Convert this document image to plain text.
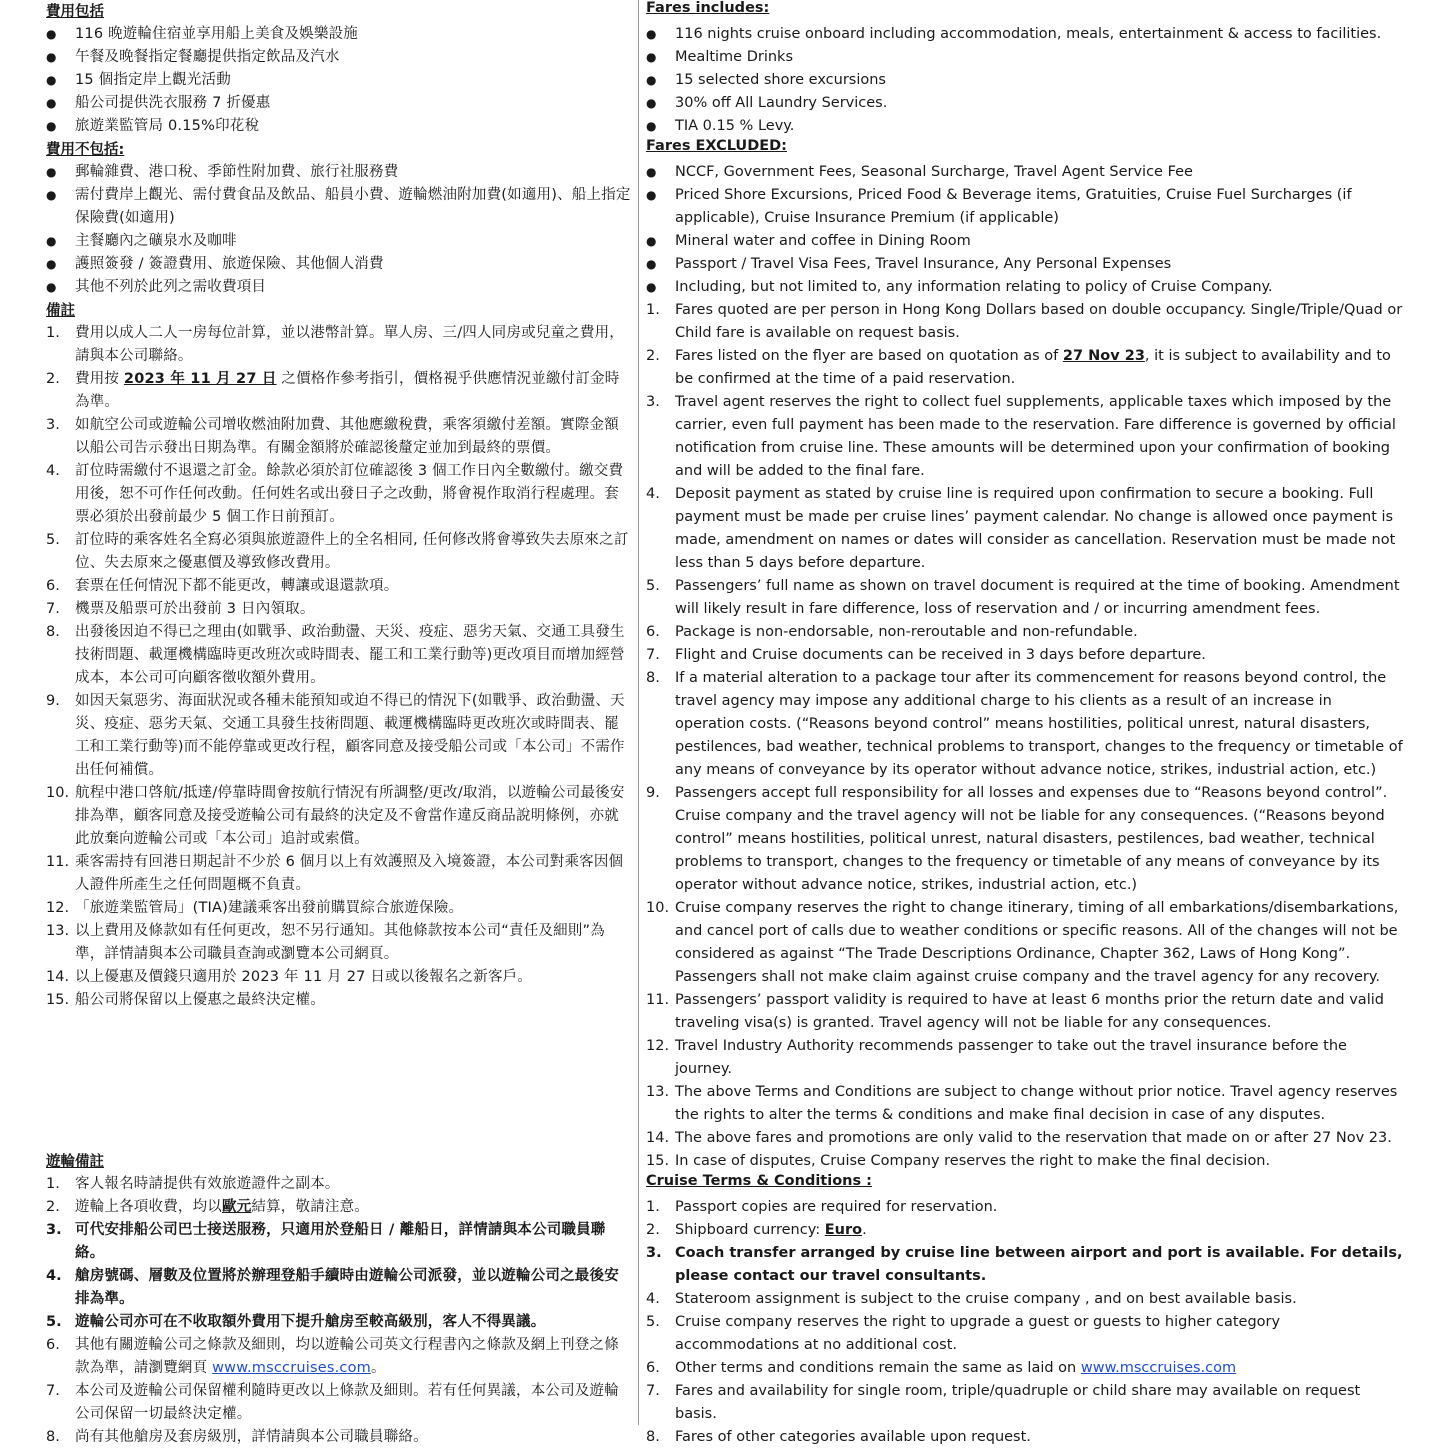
費用包括
●	116 晚遊輪住宿並享用船上美食及娛樂設施
●	午餐及晚餐指定餐廳提供指定飲品及汽水
●	15 個指定岸上觀光活動
●	船公司提供洗衣服務 7 折優惠
●	旅遊業監管局 0.15%印花稅
費用不包括:
●	郵輪雜費、港口稅、季節性附加費、旅行社服務費
●	需付費岸上觀光、需付費食品及飲品、船員小費、遊輪燃油附加費(如適用)、船上指定保險費(如適用)
●	主餐廳內之礦泉水及咖啡
●	護照簽發 / 簽證費用、旅遊保險、其他個人消費
●	其他不列於此列之需收費項目
備註
1.	費用以成人二人一房每位計算，並以港幣計算。單人房、三/四人同房或兒童之費用，請與本公司聯絡。
2.	費用按 2023 年 11 月 27 日 之價格作參考指引，價格視乎供應情況並繳付訂金時為準。
3.	如航空公司或遊輪公司增收燃油附加費、其他應繳稅費，乘客須繳付差額。實際金額以船公司告示發出日期為準。有關金額將於確認後釐定並加到最終的票價。
4.	訂位時需繳付不退還之訂金。餘款必須於訂位確認後 3 個工作日內全數繳付。繳交費用後，恕不可作任何改動。任何姓名或出發日子之改動，將會視作取消行程處理。套票必須於出發前最少 5 個工作日前預訂。
5.	訂位時的乘客姓名全寫必須與旅遊證件上的全名相同, 任何修改將會導致失去原來之訂位、失去原來之優惠價及導致修改費用。
6.	套票在任何情況下都不能更改，轉讓或退還款項。
7.	機票及船票可於出發前 3 日內領取。
8.	出發後因迫不得已之理由(如戰爭、政治動盪、天災、疫症、惡劣天氣、交通工具發生技術問題、載運機構臨時更改班次或時間表、罷工和工業行動等)更改項目而增加經營成本，本公司可向顧客徵收額外費用。
9.	如因天氣惡劣、海面狀況或各種未能預知或迫不得已的情況下(如戰爭、政治動盪、天災、疫症、惡劣天氣、交通工具發生技術問題、載運機構臨時更改班次或時間表、罷工和工業行動等)而不能停靠或更改行程，顧客同意及接受船公司或「本公司」不需作出任何補償。
10. 航程中港口啓航/抵達/停靠時間會按航行情況有所調整/更改/取消，以遊輪公司最後安排為準，顧客同意及接受遊輪公司有最終的決定及不會當作違反商品說明條例，亦就此放棄向遊輪公司或「本公司」追討或索償。
11. 乘客需持有回港日期起計不少於 6 個月以上有效護照及入境簽證，本公司對乘客因個人證件所產生之任何問題概不負責。
12. 「旅遊業監管局」(TIA)建議乘客出發前購買綜合旅遊保險。
13. 以上費用及條款如有任何更改，恕不另行通知。其他條款按本公司“責任及細則”為準，詳情請與本公司職員查詢或瀏覽本公司網頁。
14. 以上優惠及價錢只適用於 2023 年 11 月 27 日或以後報名之新客戶。
15. 船公司將保留以上優惠之最終決定權。
遊輪備註
1.	客人報名時請提供有效旅遊證件之副本。
2.	遊輪上各項收費，均以歐元結算，敬請注意。
3. 可代安排船公司巴士接送服務，只適用於登船日 / 離船日，詳情請與本公司職員聯絡。
4. 艙房號碼、層數及位置將於辦理登船手續時由遊輪公司派發，並以遊輪公司之最後安排為準。
5. 遊輪公司亦可在不收取額外費用下提升艙房至較高級別，客人不得異議。
6.	其他有關遊輪公司之條款及細則，均以遊輪公司英文行程書內之條款及網上刊登之條款為準，請瀏覽網頁 www.msccruises.com。
7.	本公司及遊輪公司保留權利隨時更改以上條款及細則。若有任何異議，本公司及遊輪公司保留一切最終決定權。
8.	尚有其他艙房及套房級別，詳情請與本公司職員聯絡。
Fares includes:
●	116 nights cruise onboard including accommodation, meals, entertainment & access to facilities.
●	Mealtime Drinks
●	15 selected shore excursions
●	30% off All Laundry Services.
●	TIA 0.15 % Levy.
Fares EXCLUDED:
●	NCCF, Government Fees, Seasonal Surcharge, Travel Agent Service Fee
●	Priced Shore Excursions, Priced Food & Beverage items, Gratuities, Cruise Fuel Surcharges (if applicable), Cruise Insurance Premium (if applicable)
●	Mineral water and coffee in Dining Room
●	Passport / Travel Visa Fees, Travel Insurance, Any Personal Expenses
●	Including, but not limited to, any information relating to policy of Cruise Company.
1.	Fares quoted are per person in Hong Kong Dollars based on double occupancy. Single/Triple/Quad or Child fare is available on request basis.
2.	Fares listed on the flyer are based on quotation as of 27 Nov 23, it is subject to availability and to be confirmed at the time of a paid reservation.
3.	Travel agent reserves the right to collect fuel supplements, applicable taxes which imposed by the carrier, even full payment has been made to the reservation. Fare difference is governed by official notification from cruise line. These amounts will be determined upon your confirmation of booking and will be added to the final fare.
4.	Deposit payment as stated by cruise line is required upon confirmation to secure a booking. Full payment must be made per cruise lines’ payment calendar. No change is allowed once payment is made, amendment on names or dates will consider as cancellation. Reservation must be made not less than 5 days before departure.
5.	Passengers’ full name as shown on travel document is required at the time of booking. Amendment will likely result in fare difference, loss of reservation and / or incurring amendment fees.
6.	Package is non-endorsable, non-reroutable and non-refundable.
7.	Flight and Cruise documents can be received in 3 days before departure.
8.	If a material alteration to a package tour after its commencement for reasons beyond control, the travel agency may impose any additional charge to his clients as a result of an increase in operation costs. (“Reasons beyond control” means hostilities, political unrest, natural disasters, pestilences, bad weather, technical problems to transport, changes to the frequency or timetable of any means of conveyance by its operator without advance notice, strikes, industrial action, etc.)
9.	Passengers accept full responsibility for all losses and expenses due to “Reasons beyond control”. Cruise company and the travel agency will not be liable for any consequences. (“Reasons beyond control” means hostilities, political unrest, natural disasters, pestilences, bad weather, technical problems to transport, changes to the frequency or timetable of any means of conveyance by its operator without advance notice, strikes, industrial action, etc.)
10. Cruise company reserves the right to change itinerary, timing of all embarkations/disembarkations, and cancel port of calls due to weather conditions or specific reasons. All of the changes will not be considered as against “The Trade Descriptions Ordinance, Chapter 362, Laws of Hong Kong”. Passengers shall not make claim against cruise company and the travel agency for any recovery.
11. Passengers’ passport validity is required to have at least 6 months prior the return date and valid traveling visa(s) is granted. Travel agency will not be liable for any consequences.
12. Travel Industry Authority recommends passenger to take out the travel insurance before the journey.
13. The above Terms and Conditions are subject to change without prior notice. Travel agency reserves the rights to alter the terms & conditions and make final decision in case of any disputes.
14. The above fares and promotions are only valid to the reservation that made on or after 27 Nov 23.
15. In case of disputes, Cruise Company reserves the right to make the final decision.
Cruise Terms & Conditions :
1.	Passport copies are required for reservation.
2.	Shipboard currency: Euro.
3. Coach transfer arranged by cruise line between airport and port is available. For details, please contact our travel consultants.
4.	Stateroom assignment is subject to the cruise company , and on best available basis.
5.	Cruise company reserves the right to upgrade a guest or guests to higher category accommodations at no additional cost.
6.	Other terms and conditions remain the same as laid on www.msccruises.com
7.	Fares and availability for single room, triple/quadruple or child share may available on request basis.
8.	Fares of other categories available upon request.
